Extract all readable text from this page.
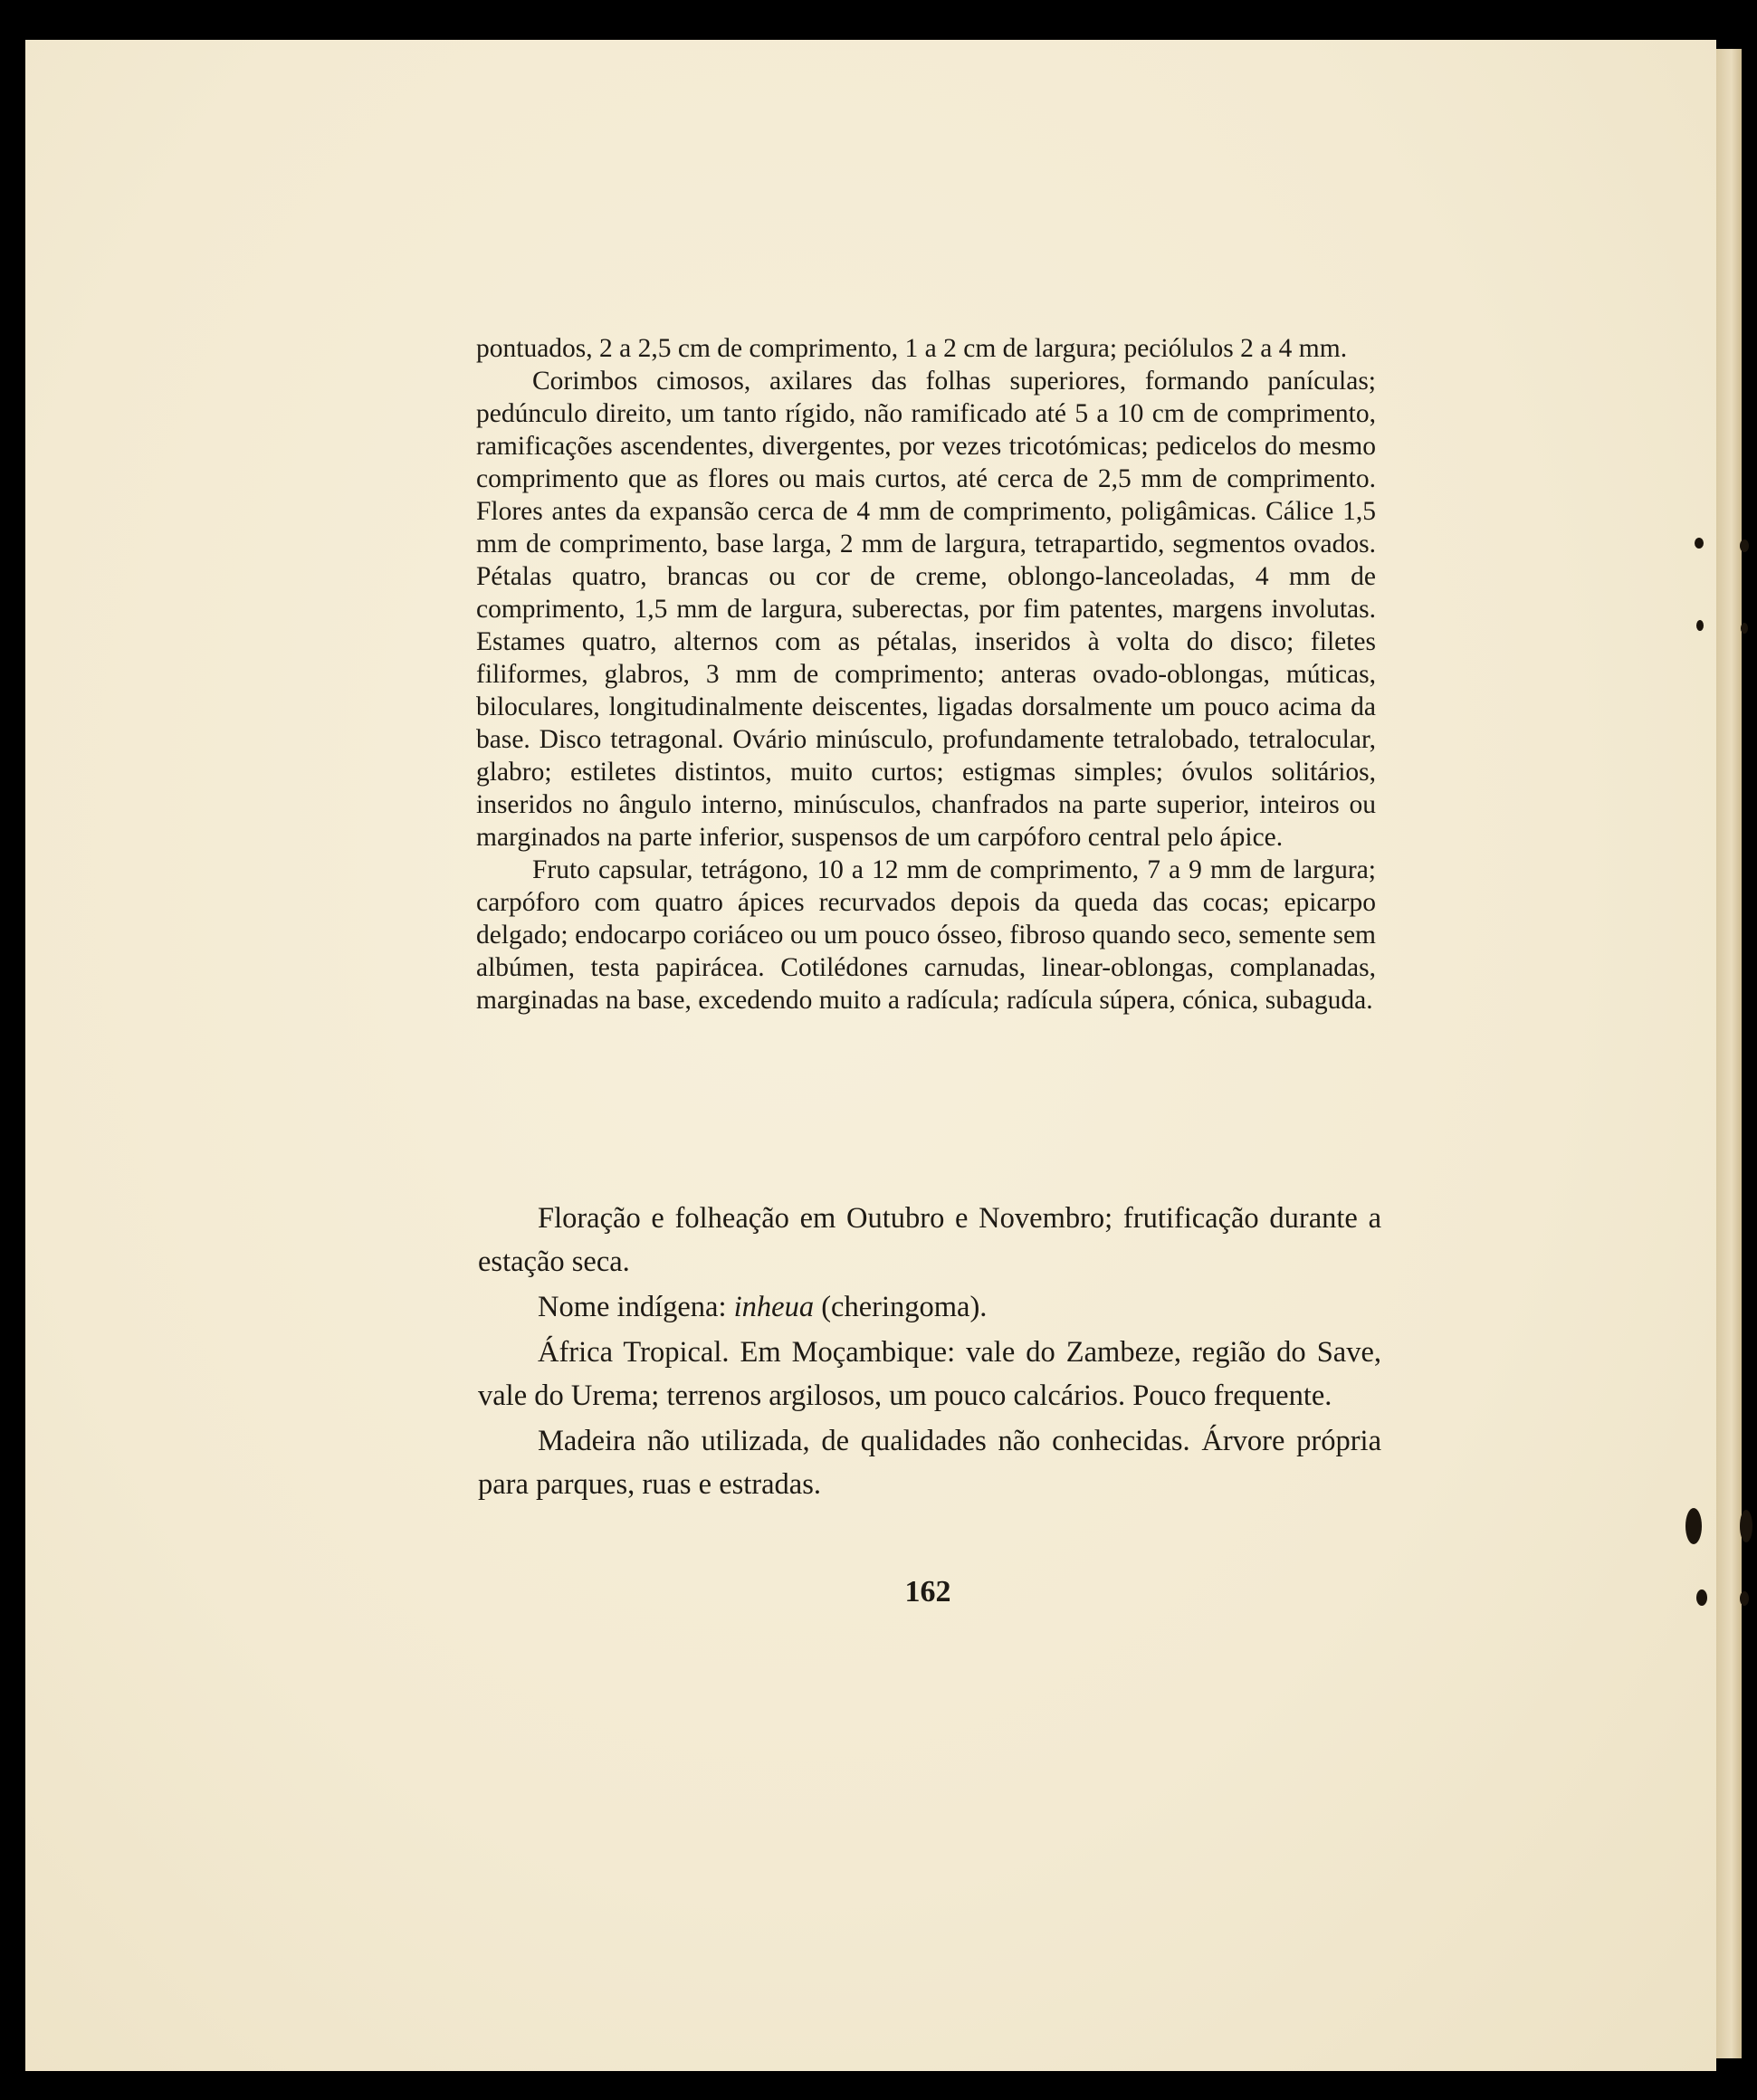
pontuados, 2 a 2,5 cm de comprimento, 1 a 2 cm de largura; peciólulos 2 a 4 mm.

Corimbos cimosos, axilares das folhas superiores, formando panículas; pedúnculo direito, um tanto rígido, não ramificado até 5 a 10 cm de comprimento, ramificações ascendentes, divergentes, por vezes tricotómicas; pedicelos do mesmo comprimento que as flores ou mais curtos, até cerca de 2,5 mm de comprimento. Flores antes da expansão cerca de 4 mm de comprimento, poligâmicas. Cálice 1,5 mm de comprimento, base larga, 2 mm de largura, tetrapartido, segmentos ovados. Pétalas quatro, brancas ou cor de creme, oblongo-lanceoladas, 4 mm de comprimento, 1,5 mm de largura, suberectas, por fim patentes, margens involutas. Estames quatro, alternos com as pétalas, inseridos à volta do disco; filetes filiformes, glabros, 3 mm de comprimento; anteras ovado-oblongas, múticas, biloculares, longitudinalmente deiscentes, ligadas dorsalmente um pouco acima da base. Disco tetragonal. Ovário minúsculo, profundamente tetralobado, tetralocular, glabro; estiletes distintos, muito curtos; estigmas simples; óvulos solitários, inseridos no ângulo interno, minúsculos, chanfrados na parte superior, inteiros ou marginados na parte inferior, suspensos de um carpóforo central pelo ápice.

Fruto capsular, tetrágono, 10 a 12 mm de comprimento, 7 a 9 mm de largura; carpóforo com quatro ápices recurvados depois da queda das cocas; epicarpo delgado; endocarpo coriáceo ou um pouco ósseo, fibroso quando seco, semente sem albúmen, testa papirácea. Cotilédones carnudas, linear-oblongas, complanadas, marginadas na base, excedendo muito a radícula; radícula súpera, cónica, subaguda.

Floração e folheação em Outubro e Novembro; frutificação durante a estação seca.

Nome indígena: inheua (cheringoma).

África Tropical. Em Moçambique: vale do Zambeze, região do Save, vale do Urema; terrenos argilosos, um pouco calcários. Pouco frequente.

Madeira não utilizada, de qualidades não conhecidas. Árvore própria para parques, ruas e estradas.

162
